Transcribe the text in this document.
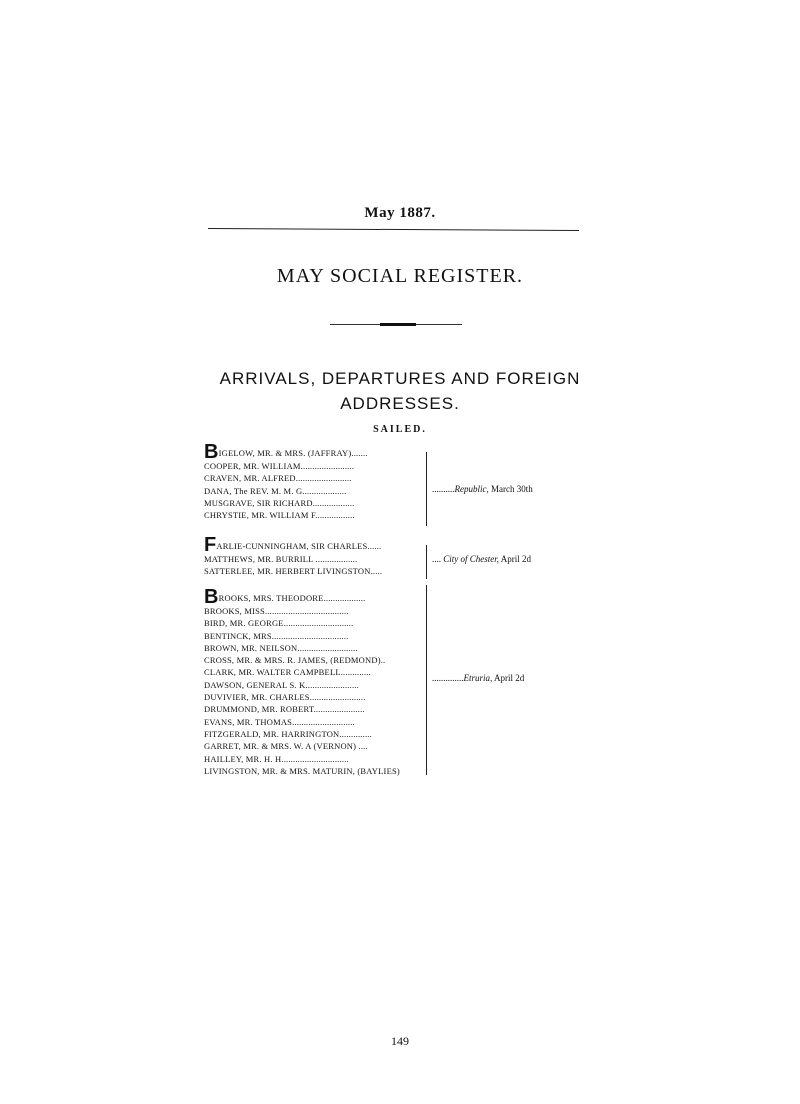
May 1887.
MAY SOCIAL REGISTER.
ARRIVALS, DEPARTURES AND FOREIGN
ADDRESSES.
SAILED.
BIGELOW, MR. & MRS. (JAFFRAY).......
COOPER, MR. WILLIAM.......................
CRAVEN, MR. ALFRED........................
DANA, The REV. M. M. G...................
MUSGRAVE, SIR RICHARD..................
CHRYSTIE, MR. WILLIAM F.................
..........Republic, March 30th
FARLIE-CUNNINGHAM, SIR CHARLES......
MATTHEWS, MR. BURRILL ..................
SATTERLEE, MR. HERBERT LIVINGSTON.....
.... City of Chester, April 2d
BROOKS, MRS. THEODORE..................
BROOKS, MISS....................................
BIRD, MR. GEORGE..............................
BENTINCK, MRS.................................
BROWN, MR. NEILSON..........................
CROSS, MR. & MRS. R. JAMES, (REDMOND)..
CLARK, MR. WALTER CAMPBELL.............
DAWSON, GENERAL S. K.......................
DUVIVIER, MR. CHARLES........................
DRUMMOND, MR. ROBERT......................
EVANS, MR. THOMAS...........................
FITZGERALD, MR. HARRINGTON..............
GARRET, MR. & MRS. W. A (VERNON) ....
HAILLEY, MR. H. H.............................
LIVINGSTON, MR. & MRS. MATURIN, (BAYLIES)
..............Etruria, April 2d
149
